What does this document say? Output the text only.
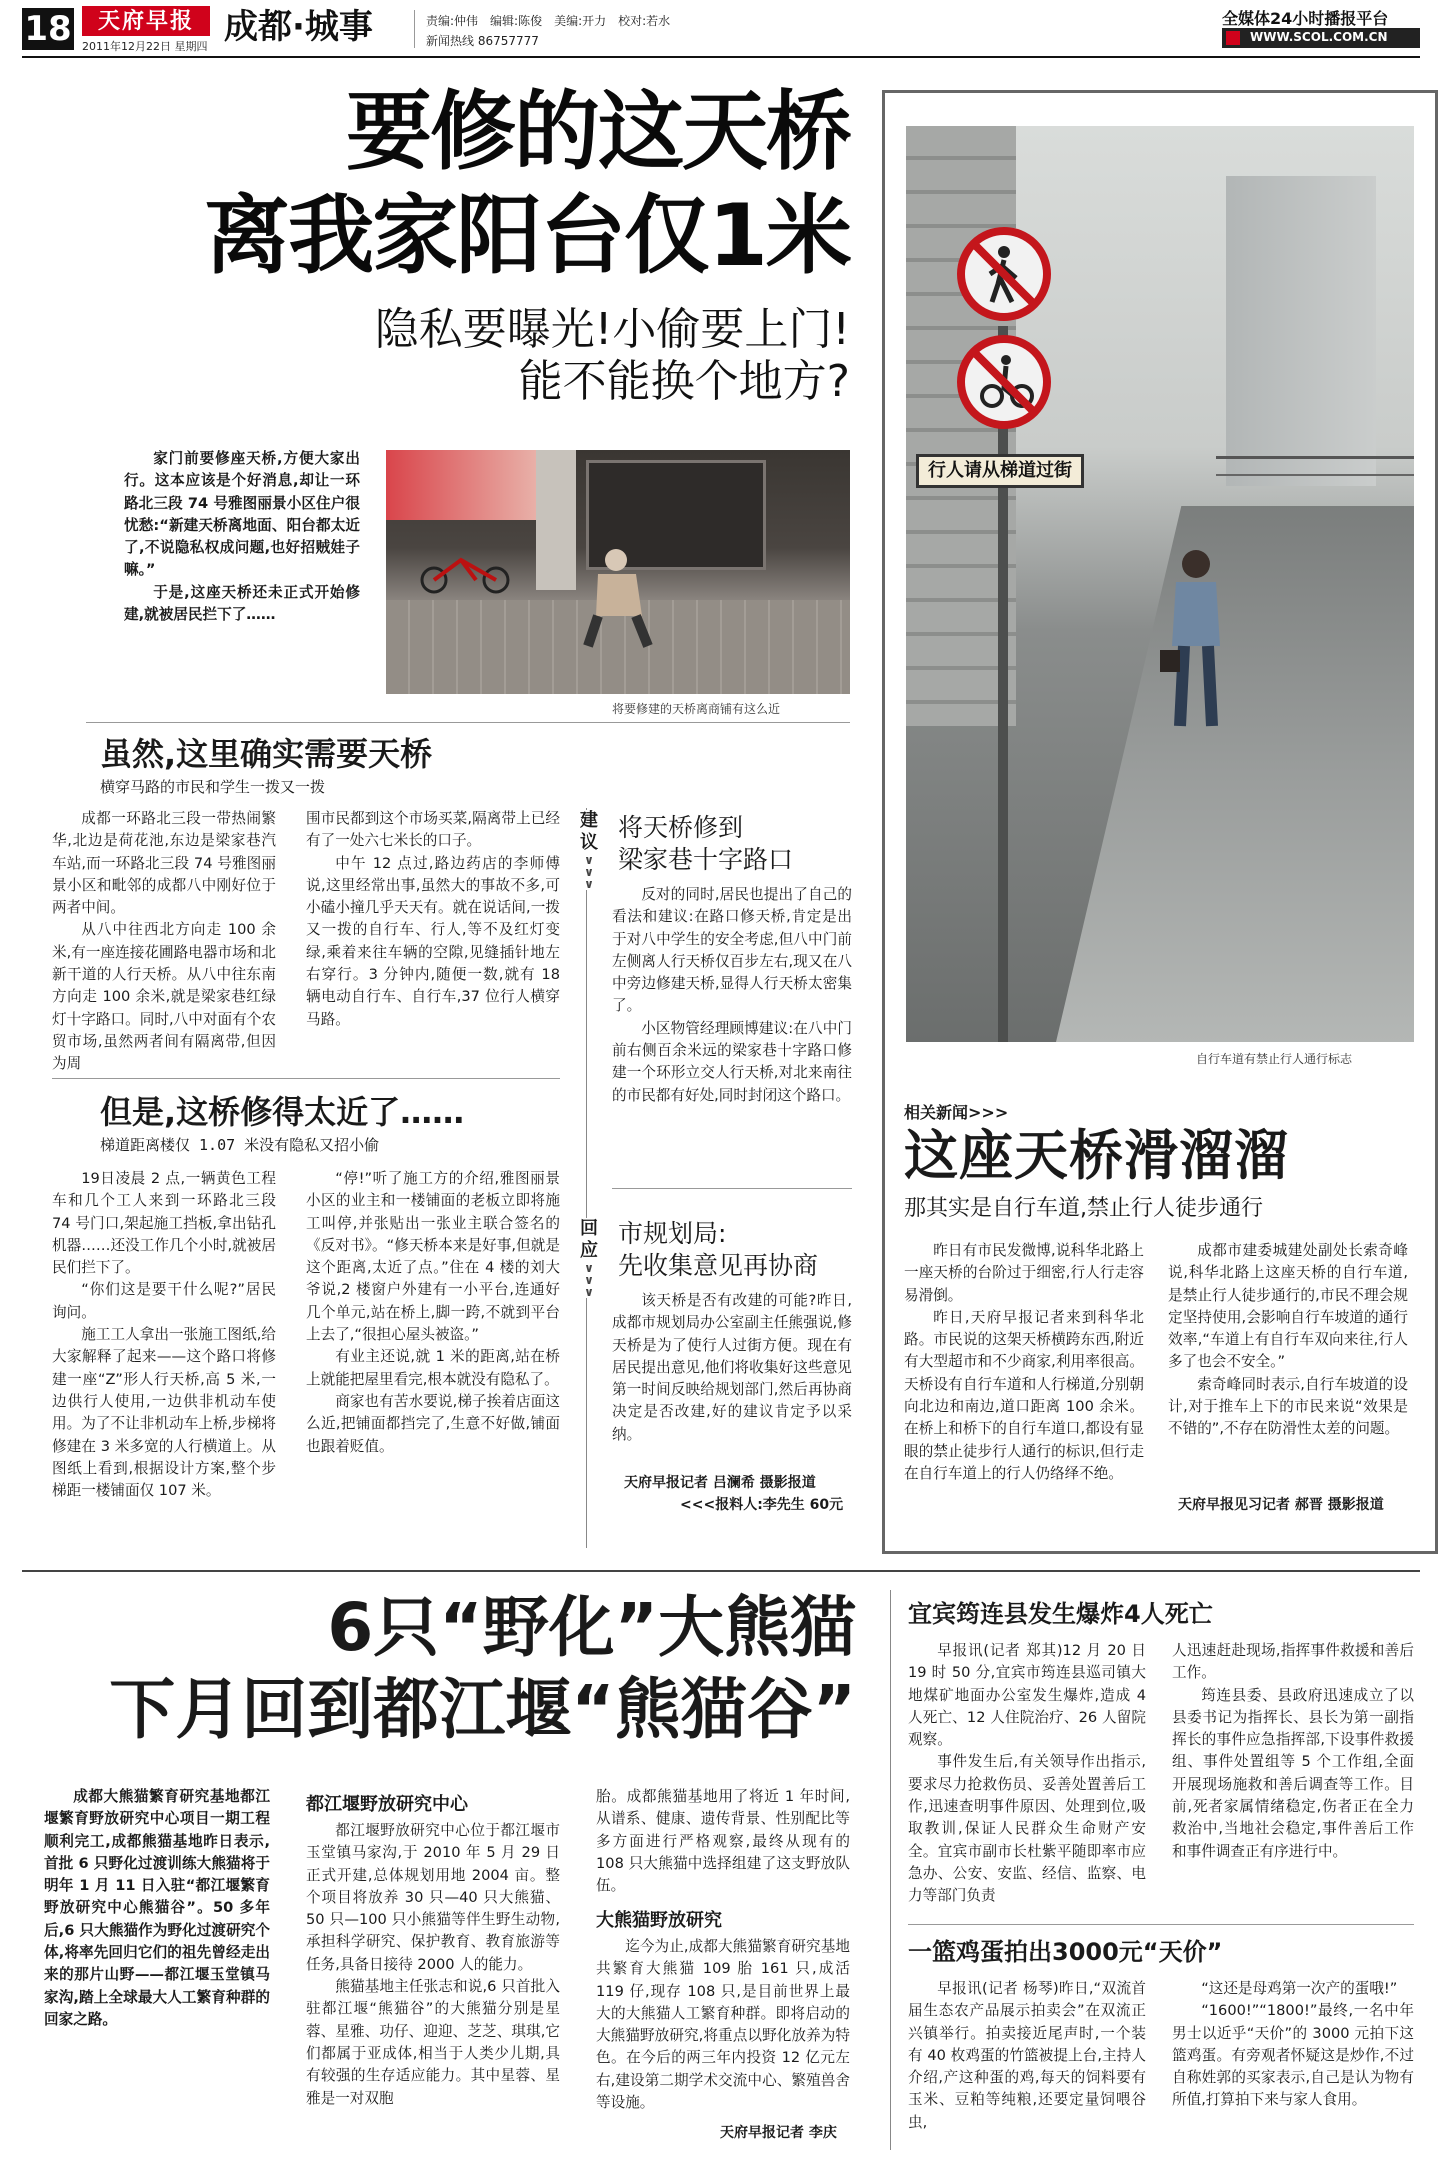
18	天府早报
2011年12月22日 星期四 成都·城事	责编:仲伟　编辑:陈俊　美编:开力　校对:若水
新闻热线 86757777
全媒体24小时播报平台
WWW.SCOL.COM.CN
要修的这天桥
离我家阳台仅1米
隐私要曝光!小偷要上门!
能不能换个地方?

家门前要修座天桥,方便大家出行。这本应该是个好消息,却让一环路北三段 74 号雅图丽景小区住户很忧愁:“新建天桥离地面、阳台都太近了,不说隐私权成问题,也好招贼娃子嘛。”

于是,这座天桥还未正式开始修建,就被居民拦下了……

将要修建的天桥离商铺有这么近
虽然,这里确实需要天桥
横穿马路的市民和学生一拨又一拨

成都一环路北三段一带热闹繁华,北边是荷花池,东边是梁家巷汽车站,而一环路北三段 74 号雅图丽景小区和毗邻的成都八中刚好位于两者中间。

从八中往西北方向走 100 余米,有一座连接花圃路电器市场和北新干道的人行天桥。从八中往东南方向走 100 余米,就是梁家巷红绿灯十字路口。同时,八中对面有个农贸市场,虽然两者间有隔离带,但因为周

围市民都到这个市场买菜,隔离带上已经有了一处六七米长的口子。

中午 12 点过,路边药店的李师傅说,这里经常出事,虽然大的事故不多,可小磕小撞几乎天天有。就在说话间,一拨又一拨的自行车、行人,等不及红灯变绿,乘着来往车辆的空隙,见缝插针地左右穿行。3 分钟内,随便一数,就有 18 辆电动自行车、自行车,37 位行人横穿马路。

但是,这桥修得太近了……
梯道距离楼仅 1.07 米没有隐私又招小偷

19日凌晨 2 点,一辆黄色工程车和几个工人来到一环路北三段 74 号门口,架起施工挡板,拿出钻孔机器……还没工作几个小时,就被居民们拦下了。

“你们这是要干什么呢?”居民询问。

施工工人拿出一张施工图纸,给大家解释了起来——这个路口将修建一座“Z”形人行天桥,高 5 米,一边供行人使用,一边供非机动车使用。为了不让非机动车上桥,步梯将修建在 3 米多宽的人行横道上。从图纸上看到,根据设计方案,整个步梯距一楼铺面仅 107 米。

“停!”听了施工方的介绍,雅图丽景小区的业主和一楼铺面的老板立即将施工叫停,并张贴出一张业主联合签名的《反对书》。“修天桥本来是好事,但就是这个距离,太近了点。”住在 4 楼的刘大爷说,2 楼窗户外建有一小平台,连通好几个单元,站在桥上,脚一跨,不就到平台上去了,“很担心屋头被盗。”

有业主还说,就 1 米的距离,站在桥上就能把屋里看完,根本就没有隐私了。

商家也有苦水要说,梯子挨着店面这么近,把铺面都挡完了,生意不好做,铺面也跟着贬值。

建议
∨
∨
∨
将天桥修到
梁家巷十字路口

反对的同时,居民也提出了自己的看法和建议:在路口修天桥,肯定是出于对八中学生的安全考虑,但八中门前左侧离人行天桥仅百步左右,现又在八中旁边修建天桥,显得人行天桥太密集了。

小区物管经理顾博建议:在八中门前右侧百余米远的梁家巷十字路口修建一个环形立交人行天桥,对北来南往的市民都有好处,同时封闭这个路口。

回应
∨
∨
∨
市规划局:
先收集意见再协商

该天桥是否有改建的可能?昨日,成都市规划局办公室副主任熊强说,修天桥是为了使行人过街方便。现在有居民提出意见,他们将收集好这些意见第一时间反映给规划部门,然后再协商决定是否改建,好的建议肯定予以采纳。

天府早报记者 吕澜希 摄影报道
<<<报料人:李先生 60元
行人请从梯道过街
自行车道有禁止行人通行标志
相关新闻>>>
这座天桥滑溜溜
那其实是自行车道,禁止行人徒步通行

昨日有市民发微博,说科华北路上一座天桥的台阶过于细密,行人行走容易滑倒。

昨日,天府早报记者来到科华北路。市民说的这架天桥横跨东西,附近有大型超市和不少商家,利用率很高。天桥设有自行车道和人行梯道,分别朝向北边和南边,道口距离 100 余米。在桥上和桥下的自行车道口,都设有显眼的禁止徒步行人通行的标识,但行走在自行车道上的行人仍络绎不绝。

成都市建委城建处副处长索奇峰说,科华北路上这座天桥的自行车道,是禁止行人徒步通行的,市民不理会规定坚持使用,会影响自行车坡道的通行效率,“车道上有自行车双向来往,行人多了也会不安全。”

索奇峰同时表示,自行车坡道的设计,对于推车上下的市民来说“效果是不错的”,不存在防滑性太差的问题。

天府早报见习记者 郝晋 摄影报道
6只“野化”大熊猫
下月回到都江堰“熊猫谷”

成都大熊猫繁育研究基地都江堰繁育野放研究中心项目一期工程顺利完工,成都熊猫基地昨日表示,首批 6 只野化过渡训练大熊猫将于明年 1 月 11 日入驻“都江堰繁育野放研究中心熊猫谷”。50 多年后,6 只大熊猫作为野化过渡研究个体,将率先回归它们的祖先曾经走出来的那片山野——都江堰玉堂镇马家沟,踏上全球最大人工繁育种群的回家之路。

都江堰野放研究中心

都江堰野放研究中心位于都江堰市玉堂镇马家沟,于 2010 年 5 月 29 日正式开建,总体规划用地 2004 亩。整个项目将放养 30 只—40 只大熊猫、50 只—100 只小熊猫等伴生野生动物,承担科学研究、保护教育、教育旅游等任务,具备日接待 2000 人的能力。

熊猫基地主任张志和说,6 只首批入驻都江堰“熊猫谷”的大熊猫分别是星蓉、星雅、功仔、迎迎、芝芝、琪琪,它们都属于亚成体,相当于人类少儿期,具有较强的生存适应能力。其中星蓉、星雅是一对双胞

胎。成都熊猫基地用了将近 1 年时间,从谱系、健康、遗传背景、性别配比等多方面进行严格观察,最终从现有的 108 只大熊猫中选择组建了这支野放队伍。

大熊猫野放研究

迄今为止,成都大熊猫繁育研究基地共繁育大熊猫 109 胎 161 只,成活 119 仔,现存 108 只,是目前世界上最大的大熊猫人工繁育种群。即将启动的大熊猫野放研究,将重点以野化放养为特色。在今后的两三年内投资 12 亿元左右,建设第二期学术交流中心、繁殖兽舍等设施。

天府早报记者 李庆
宜宾筠连县发生爆炸4人死亡

早报讯(记者 郑其)12 月 20 日 19 时 50 分,宜宾市筠连县巡司镇大地煤矿地面办公室发生爆炸,造成 4 人死亡、12 人住院治疗、26 人留院观察。

事件发生后,有关领导作出指示,要求尽力抢救伤员、妥善处置善后工作,迅速查明事件原因、处理到位,吸取教训,保证人民群众生命财产安全。宜宾市副市长杜紫平随即率市应急办、公安、安监、经信、监察、电力等部门负责

人迅速赶赴现场,指挥事件救援和善后工作。

筠连县委、县政府迅速成立了以县委书记为指挥长、县长为第一副指挥长的事件应急指挥部,下设事件救援组、事件处置组等 5 个工作组,全面开展现场施救和善后调查等工作。目前,死者家属情绪稳定,伤者正在全力救治中,当地社会稳定,事件善后工作和事件调查正有序进行中。

一篮鸡蛋拍出3000元“天价”

早报讯(记者 杨琴)昨日,“双流首届生态农产品展示拍卖会”在双流正兴镇举行。拍卖接近尾声时,一个装有 40 枚鸡蛋的竹篮被提上台,主持人介绍,产这种蛋的鸡,每天的饲料要有玉米、豆粕等纯粮,还要定量饲喂谷虫,

“这还是母鸡第一次产的蛋哦!”

“1600!”“1800!”最终,一名中年男士以近乎“天价”的 3000 元拍下这篮鸡蛋。有旁观者怀疑这是炒作,不过自称姓郭的买家表示,自己是认为物有所值,打算拍下来与家人食用。
